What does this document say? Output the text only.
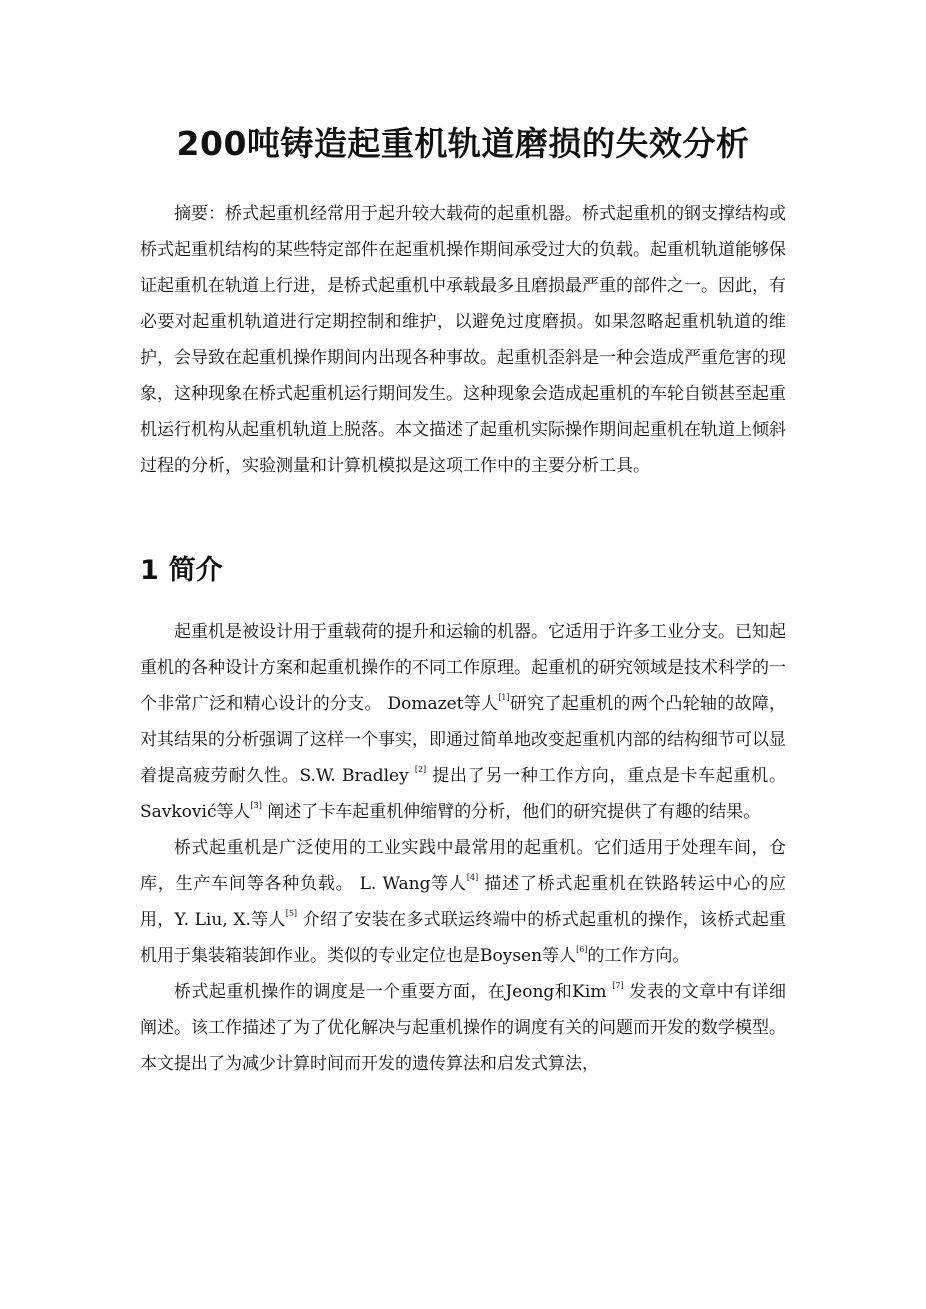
200吨铸造起重机轨道磨损的失效分析

摘要：桥式起重机经常用于起升较大载荷的起重机器。桥式起重机的钢支撑结构或桥式起重机结构的某些特定部件在起重机操作期间承受过大的负载。起重机轨道能够保证起重机在轨道上行进，是桥式起重机中承载最多且磨损最严重的部件之一。因此，有必要对起重机轨道进行定期控制和维护，以避免过度磨损。如果忽略起重机轨道的维护，会导致在起重机操作期间内出现各种事故。起重机歪斜是一种会造成严重危害的现象，这种现象在桥式起重机运行期间发生。这种现象会造成起重机的车轮自锁甚至起重机运行机构从起重机轨道上脱落。本文描述了起重机实际操作期间起重机在轨道上倾斜过程的分析，实验测量和计算机模拟是这项工作中的主要分析工具。

1 简介

起重机是被设计用于重载荷的提升和运输的机器。它适用于许多工业分支。已知起重机的各种设计方案和起重机操作的不同工作原理。起重机的研究领域是技术科学的一个非常广泛和精心设计的分支。 Domazet等人[1]研究了起重机的两个凸轮轴的故障，对其结果的分析强调了这样一个事实，即通过简单地改变起重机内部的结构细节可以显着提高疲劳耐久性。S.W. Bradley [2] 提出了另一种工作方向，重点是卡车起重机。 Savković等人[3] 阐述了卡车起重机伸缩臂的分析，他们的研究提供了有趣的结果。

桥式起重机是广泛使用的工业实践中最常用的起重机。它们适用于处理车间，仓库，生产车间等各种负载。 L. Wang等人[4] 描述了桥式起重机在铁路转运中心的应用，Y. Liu, X.等人[5] 介绍了安装在多式联运终端中的桥式起重机的操作，该桥式起重机用于集装箱装卸作业。类似的专业定位也是Boysen等人[6]的工作方向。

桥式起重机操作的调度是一个重要方面，在Jeong和Kim [7] 发表的文章中有详细阐述。该工作描述了为了优化解决与起重机操作的调度有关的问题而开发的数学模型。本文提出了为减少计算时间而开发的遗传算法和启发式算法，
